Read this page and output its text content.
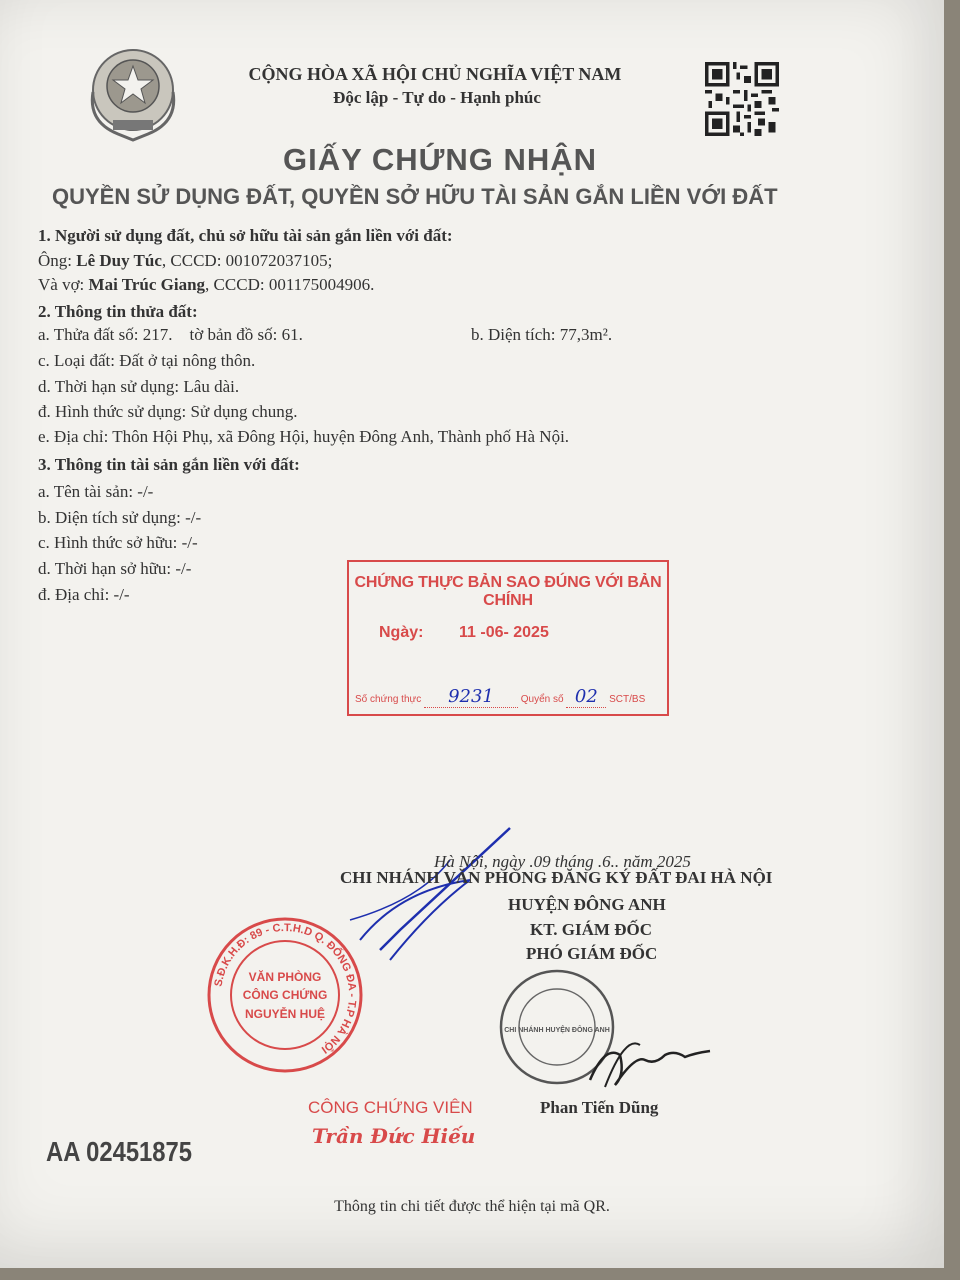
CỘNG HÒA XÃ HỘI CHỦ NGHĨA VIỆT NAM
Độc lập - Tự do - Hạnh phúc
GIẤY CHỨNG NHẬN
QUYỀN SỬ DỤNG ĐẤT, QUYỀN SỞ HỮU TÀI SẢN GẮN LIỀN VỚI ĐẤT
1. Người sử dụng đất, chủ sở hữu tài sản gắn liền với đất:
Ông: Lê Duy Túc, CCCD: 001072037105;
Và vợ: Mai Trúc Giang, CCCD: 001175004906.
2. Thông tin thửa đất:
a. Thửa đất số: 217.    tờ bản đồ số: 61.	b. Diện tích: 77,3m².
c. Loại đất: Đất ở tại nông thôn.
d. Thời hạn sử dụng: Lâu dài.
đ. Hình thức sử dụng: Sử dụng chung.
e. Địa chỉ: Thôn Hội Phụ, xã Đông Hội, huyện Đông Anh, Thành phố Hà Nội.
3. Thông tin tài sản gắn liền với đất:
a. Tên tài sản: -/-
b. Diện tích sử dụng: -/-
c. Hình thức sở hữu: -/-
d. Thời hạn sở hữu: -/-
đ. Địa chỉ: -/-
CHỨNG THỰC BẢN SAO ĐÚNG VỚI BẢN CHÍNH
Ngày: 11 -06- 2025
Số chứng thực 9231	Quyển số 02 SCT/BS
Hà Nội, ngày .09 tháng .6.. năm 2025
CHI NHÁNH VĂN PHÒNG ĐĂNG KÝ ĐẤT ĐAI HÀ NỘI
HUYỆN ĐÔNG ANH
KT. GIÁM ĐỐC
PHÓ GIÁM ĐỐC
S.Đ.K.H.Đ: 89 - C.T.H.D Q. ĐỐNG ĐA - T.P HÀ NỘI
VĂN PHÒNG
CÔNG CHỨNG
NGUYỄN HUỆ
CHI NHÁNH HUYỆN ĐÔNG ANH
Phan Tiến Dũng
CÔNG CHỨNG VIÊN
Trần Đức Hiếu
AA 02451875
Thông tin chi tiết được thể hiện tại mã QR.
